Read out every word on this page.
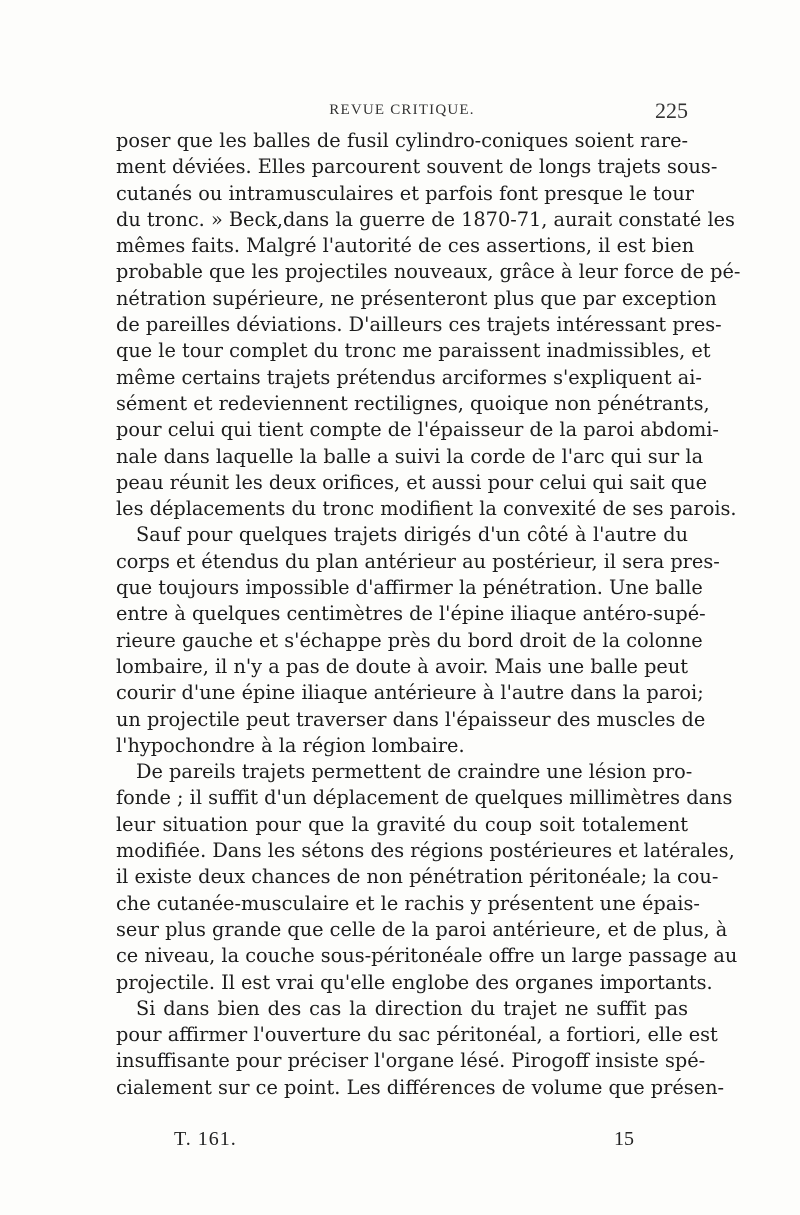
REVUE CRITIQUE.	225
poser que les balles de fusil cylindro-coniques soient rare-
ment déviées. Elles parcourent souvent de longs trajets sous-
cutanés ou intramusculaires et parfois font presque le tour
du tronc. » Beck,dans la guerre de 1870-71, aurait constaté les
mêmes faits. Malgré l'autorité de ces assertions, il est bien
probable que les projectiles nouveaux, grâce à leur force de pé-
nétration supérieure, ne présenteront plus que par exception
de pareilles déviations. D'ailleurs ces trajets intéressant pres-
que le tour complet du tronc me paraissent inadmissibles, et
même certains trajets prétendus arciformes s'expliquent ai-
sément et redeviennent rectilignes, quoique non pénétrants,
pour celui qui tient compte de l'épaisseur de la paroi abdomi-
nale dans laquelle la balle a suivi la corde de l'arc qui sur la
peau réunit les deux orifices, et aussi pour celui qui sait que
les déplacements du tronc modifient la convexité de ses parois.
Sauf pour quelques trajets dirigés d'un côté à l'autre du
corps et étendus du plan antérieur au postérieur, il sera pres-
que toujours impossible d'affirmer la pénétration. Une balle
entre à quelques centimètres de l'épine iliaque antéro-supé-
rieure gauche et s'échappe près du bord droit de la colonne
lombaire, il n'y a pas de doute à avoir. Mais une balle peut
courir d'une épine iliaque antérieure à l'autre dans la paroi;
un projectile peut traverser dans l'épaisseur des muscles de
l'hypochondre à la région lombaire.
De pareils trajets permettent de craindre une lésion pro-
fonde ; il suffit d'un déplacement de quelques millimètres dans
leur situation pour que la gravité du coup soit totalement
modifiée. Dans les sétons des régions postérieures et latérales,
il existe deux chances de non pénétration péritonéale; la cou-
che cutanée-musculaire et le rachis y présentent une épais-
seur plus grande que celle de la paroi antérieure, et de plus, à
ce niveau, la couche sous-péritonéale offre un large passage au
projectile. Il est vrai qu'elle englobe des organes importants.
Si dans bien des cas la direction du trajet ne suffit pas
pour affirmer l'ouverture du sac péritonéal, a fortiori, elle est
insuffisante pour préciser l'organe lésé. Pirogoff insiste spé-
cialement sur ce point. Les différences de volume que présen-
T. 161.	15
